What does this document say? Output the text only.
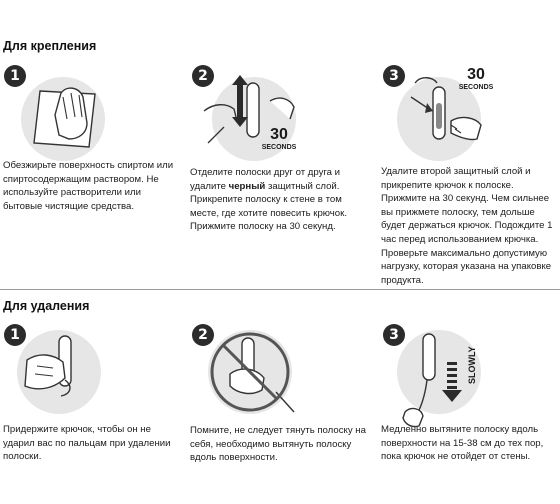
Для крепления
1
Обезжирьте поверхность спиртом или спиртосодержащим раствором. Не используйте растворители или бытовые чистящие средства.
2
30
SECONDS
Отделите полоски друг от друга и удалите черный защитный слой. Прикрепите полоску к стене в том месте, где хотите повесить крючок. Прижмите полоску на 30 секунд.
3	30
SECONDS
Удалите второй защитный слой и прикрепите крючок к полоске. Прижмите на 30 секунд. Чем сильнее вы прижмете полоску, тем дольше будет держаться крючок. Подождите 1 час перед использованием крючка. Проверьте максимально допустимую нагрузку, которая указана на упаковке продукта.
Для удаления
1
Придержите крючок, чтобы он не ударил вас по пальцам при удалении полоски.
2
Помните, не следует тянуть полоску на себя, необходимо вытянуть полоску вдоль поверхности.
3
SLOWLY
Медленно вытяните полоску вдоль поверхности на 15-38 см до тех пор, пока крючок не отойдет от стены.
